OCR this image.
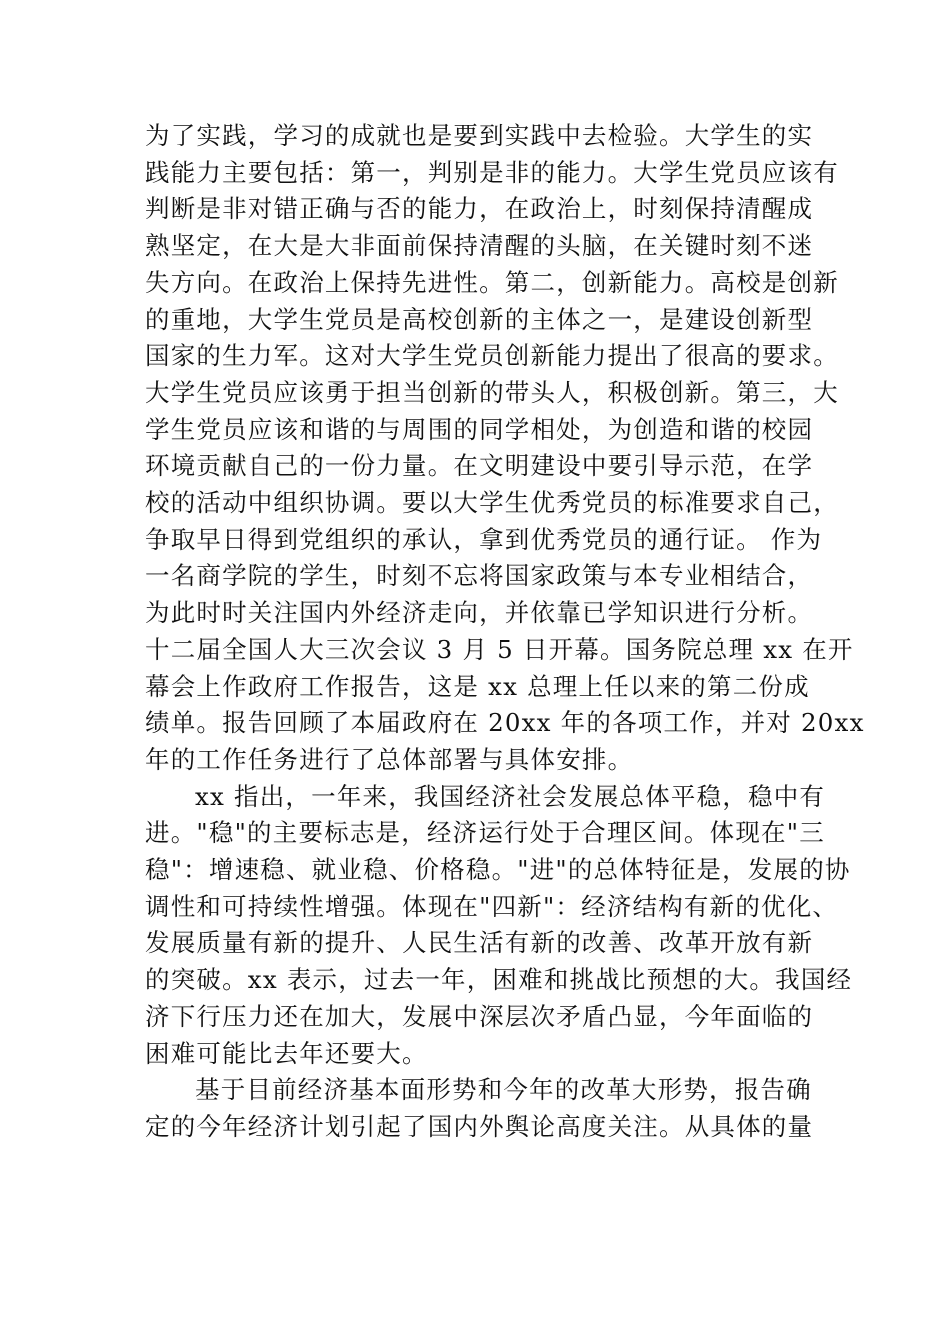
为了实践，学习的成就也是要到实践中去检验。大学生的实
践能力主要包括：第一，判别是非的能力。大学生党员应该有
判断是非对错正确与否的能力，在政治上，时刻保持清醒成
熟坚定，在大是大非面前保持清醒的头脑，在关键时刻不迷
失方向。在政治上保持先进性。第二，创新能力。高校是创新
的重地，大学生党员是高校创新的主体之一，是建设创新型
国家的生力军。这对大学生党员创新能力提出了很高的要求。
大学生党员应该勇于担当创新的带头人，积极创新。第三，大
学生党员应该和谐的与周围的同学相处，为创造和谐的校园
环境贡献自己的一份力量。在文明建设中要引导示范，在学
校的活动中组织协调。要以大学生优秀党员的标准要求自己，
争取早日得到党组织的承认，拿到优秀党员的通行证。 作为
一名商学院的学生，时刻不忘将国家政策与本专业相结合，
为此时时关注国内外经济走向，并依靠已学知识进行分析。
十二届全国人大三次会议 3 月 5 日开幕。国务院总理 xx 在开
幕会上作政府工作报告，这是 xx 总理上任以来的第二份成
绩单。报告回顾了本届政府在 20xx 年的各项工作，并对 20xx
年的工作任务进行了总体部署与具体安排。
xx 指出，一年来，我国经济社会发展总体平稳，稳中有
进。"稳"的主要标志是，经济运行处于合理区间。体现在"三
稳"：增速稳、就业稳、价格稳。"进"的总体特征是，发展的协
调性和可持续性增强。体现在"四新"：经济结构有新的优化、
发展质量有新的提升、人民生活有新的改善、改革开放有新
的突破。xx 表示，过去一年，困难和挑战比预想的大。我国经
济下行压力还在加大，发展中深层次矛盾凸显，今年面临的
困难可能比去年还要大。
基于目前经济基本面形势和今年的改革大形势，报告确
定的今年经济计划引起了国内外舆论高度关注。从具体的量
